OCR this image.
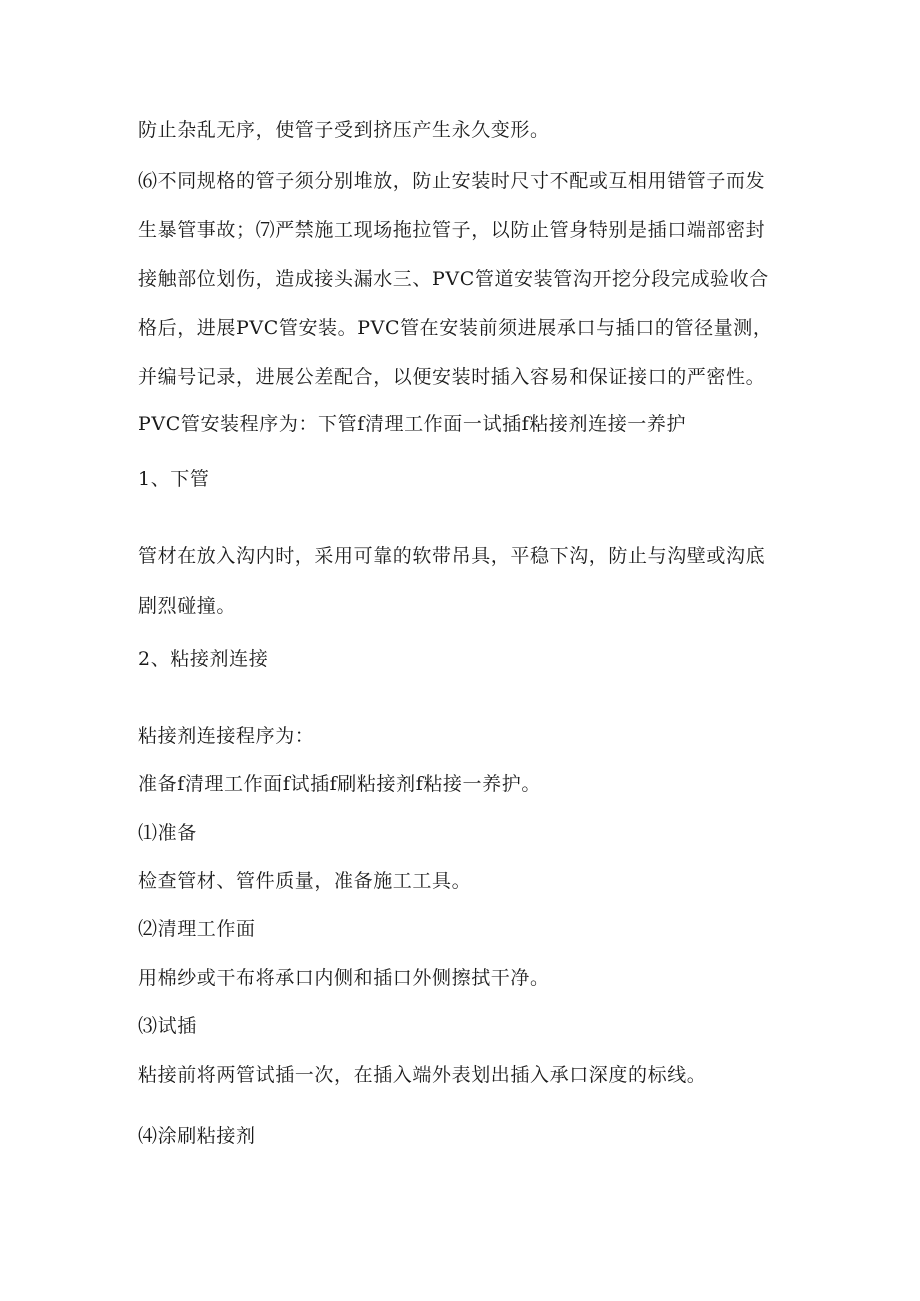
防止杂乱无序，使管子受到挤压产生永久变形。
⑹不同规格的管子须分别堆放，防止安装时尺寸不配或互相用错管子而发
生暴管事故；⑺严禁施工现场拖拉管子，以防止管身特别是插口端部密封
接触部位划伤，造成接头漏水三、PVC管道安装管沟开挖分段完成验收合
格后，进展PVC管安装。PVC管在安装前须进展承口与插口的管径量测，
并编号记录，进展公差配合，以便安装时插入容易和保证接口的严密性。
PVC管安装程序为：下管f清理工作面一试插f粘接剂连接一养护
1、下管
管材在放入沟内时，采用可靠的软带吊具，平稳下沟，防止与沟壁或沟底
剧烈碰撞。
2、粘接剂连接
粘接剂连接程序为：
准备f清理工作面f试插f刷粘接剂f粘接一养护。
⑴准备
检查管材、管件质量，准备施工工具。
⑵清理工作面
用棉纱或干布将承口内侧和插口外侧擦拭干净。
⑶试插
粘接前将两管试插一次，在插入端外表划出插入承口深度的标线。
⑷涂刷粘接剂
